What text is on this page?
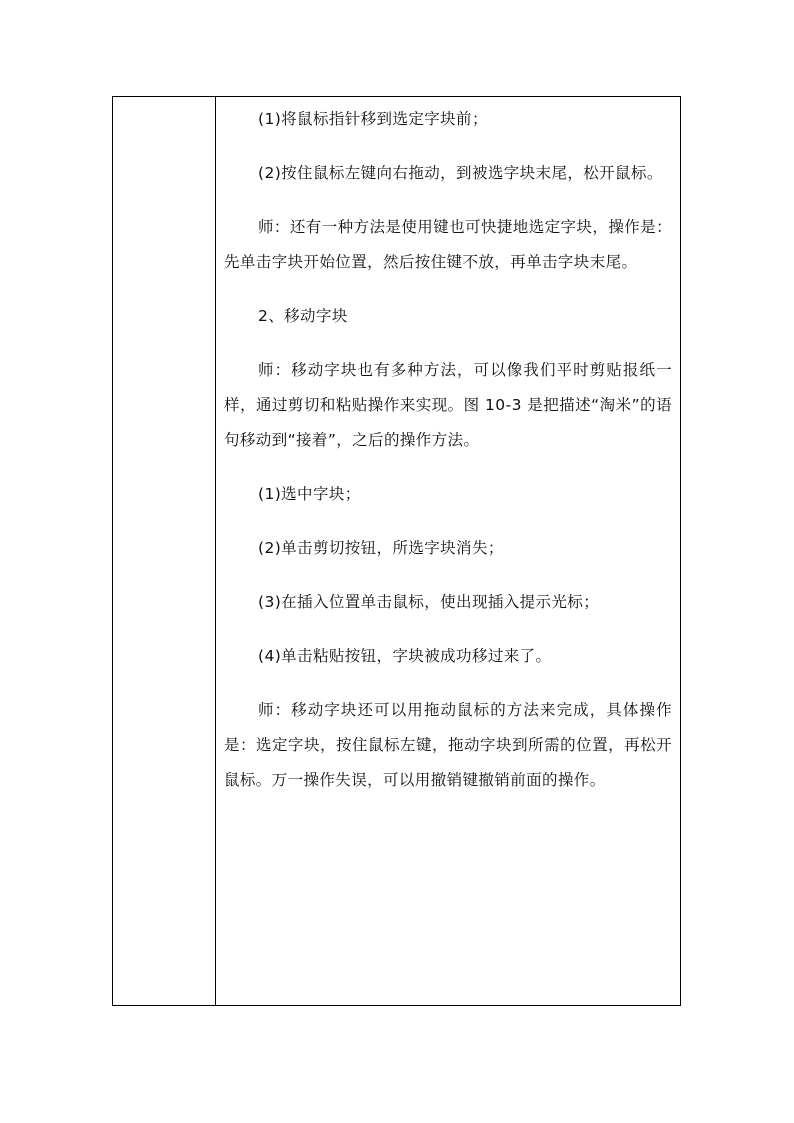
(1)将鼠标指针移到选定字块前；

(2)按住鼠标左键向右拖动，到被选字块末尾，松开鼠标。

师：还有一种方法是使用键也可快捷地选定字块，操作是：先单击字块开始位置，然后按住键不放，再单击字块末尾。

2、移动字块

师：移动字块也有多种方法，可以像我们平时剪贴报纸一样，通过剪切和粘贴操作来实现。图 10-3 是把描述“淘米”的语句移动到“接着”，之后的操作方法。

(1)选中字块；

(2)单击剪切按钮，所选字块消失；

(3)在插入位置单击鼠标，使出现插入提示光标；

(4)单击粘贴按钮，字块被成功移过来了。

师：移动字块还可以用拖动鼠标的方法来完成，具体操作是：选定字块，按住鼠标左键，拖动字块到所需的位置，再松开鼠标。万一操作失误，可以用撤销键撤销前面的操作。
